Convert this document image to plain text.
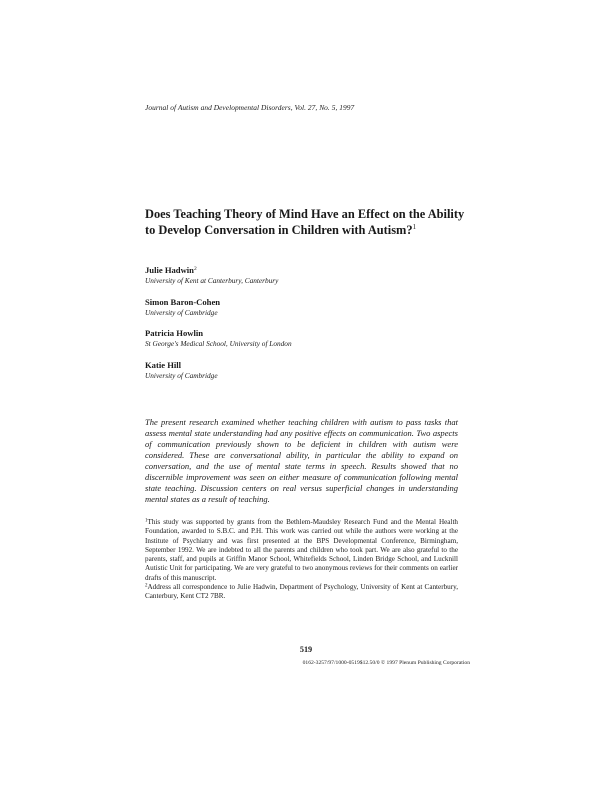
Journal of Autism and Developmental Disorders, Vol. 27, No. 5, 1997
Does Teaching Theory of Mind Have an Effect on the Ability to Develop Conversation in Children with Autism?$^1$
Julie Hadwin$^2$
University of Kent at Canterbury, Canterbury
Simon Baron-Cohen
University of Cambridge
Patricia Howlin
St George's Medical School, University of London
Katie Hill
University of Cambridge
The present research examined whether teaching children with autism to pass tasks that assess mental state understanding had any positive effects on communication. Two aspects of communication previously shown to be deficient in children with autism were considered. These are conversational ability, in particular the ability to expand on conversation, and the use of mental state terms in speech. Results showed that no discernible improvement was seen on either measure of communication following mental state teaching. Discussion centers on real versus superficial changes in understanding mental states as a result of teaching.

$^1$This study was supported by grants from the Bethlem-Maudsley Research Fund and the Mental Health Foundation, awarded to S.B.C. and P.H. This work was carried out while the authors were working at the Institute of Psychiatry and was first presented at the BPS Developmental Conference, Birmingham, September 1992. We are indebted to all the parents and children who took part. We are also grateful to the parents, staff, and pupils at Griffin Manor School, Whitefields School, Linden Bridge School, and Lucknill Autistic Unit for participating. We are very grateful to two anonymous reviews for their comments on earlier drafts of this manuscript.

$^2$Address all correspondence to Julie Hadwin, Department of Psychology, University of Kent at Canterbury, Canterbury, Kent CT2 7BR.

519
0162-3257/97/1000-0519$12.50/0 © 1997 Plenum Publishing Corporation
